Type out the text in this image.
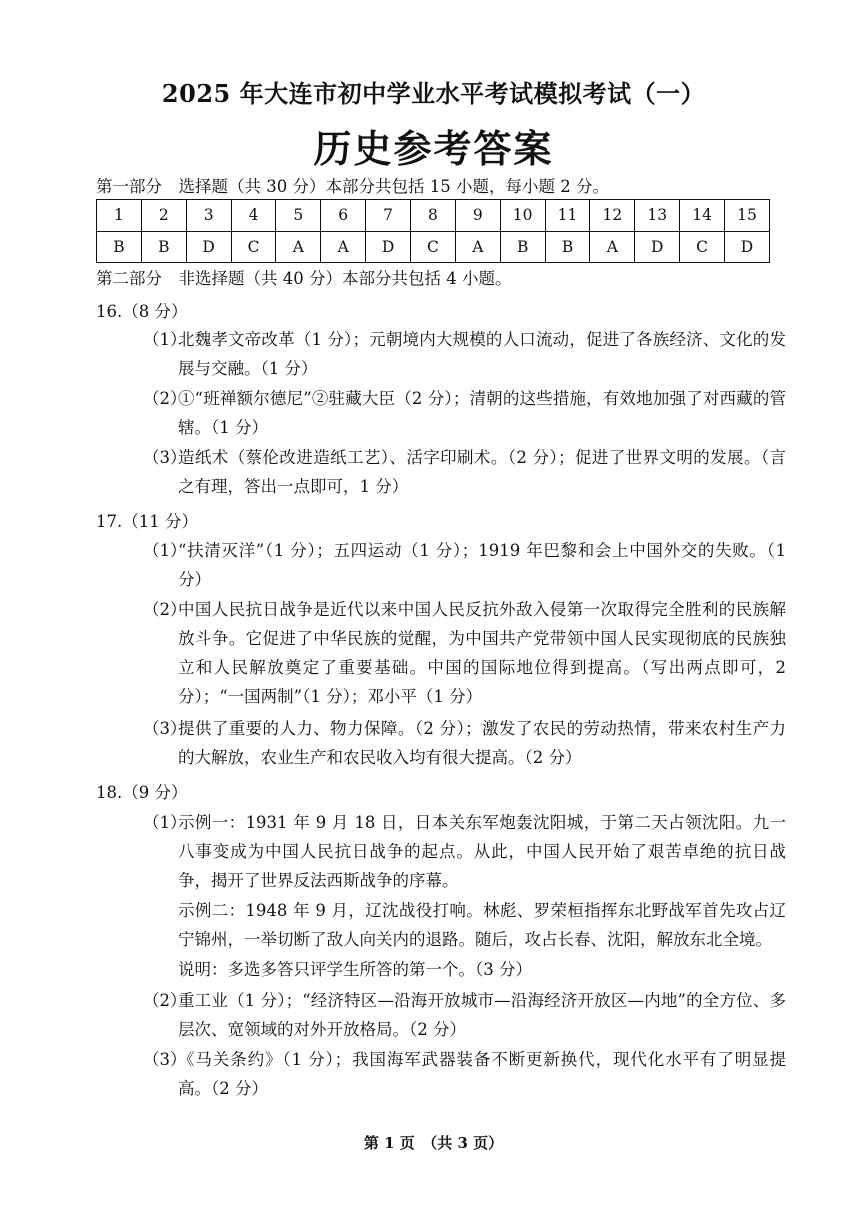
2025 年大连市初中学业水平考试模拟考试（一）
历史参考答案
第一部分　选择题（共 30 分）本部分共包括 15 小题，每小题 2 分。
1	2	3	4	5	6	7	8	9	10	11	12	13	14	15
B	B	D	C	A	A	D	C	A	B	B	A	D	C	D
第二部分　非选择题（共 40 分）本部分共包括 4 小题。
16.（8 分）
（1）
北魏孝文帝改革（1 分）；元朝境内大规模的人口流动，促进了各族经济、文化的发展与交融。（1 分）
（2）
①“班禅额尔德尼”②驻藏大臣（2 分）；清朝的这些措施，有效地加强了对西藏的管辖。（1 分）
（3）
造纸术（蔡伦改进造纸工艺）、活字印刷术。（2 分）；促进了世界文明的发展。（言之有理，答出一点即可，1 分）
17.（11 分）
（1）
“扶清灭洋”（1 分）；五四运动（1 分）；1919 年巴黎和会上中国外交的失败。（1 分）
（2）
中国人民抗日战争是近代以来中国人民反抗外敌入侵第一次取得完全胜利的民族解放斗争。它促进了中华民族的觉醒，为中国共产党带领中国人民实现彻底的民族独立和人民解放奠定了重要基础。中国的国际地位得到提高。（写出两点即可，2 分）；“一国两制”（1 分）；邓小平（1 分）
（3）
提供了重要的人力、物力保障。（2 分）；激发了农民的劳动热情，带来农村生产力的大解放，农业生产和农民收入均有很大提高。（2 分）
18.（9 分）
（1）
示例一：1931 年 9 月 18 日，日本关东军炮轰沈阳城，于第二天占领沈阳。九一八事变成为中国人民抗日战争的起点。从此，中国人民开始了艰苦卓绝的抗日战争，揭开了世界反法西斯战争的序幕。
示例二：1948 年 9 月，辽沈战役打响。林彪、罗荣桓指挥东北野战军首先攻占辽宁锦州，一举切断了敌人向关内的退路。随后，攻占长春、沈阳，解放东北全境。
说明：多选多答只评学生所答的第一个。（3 分）
（2）
重工业（1 分）；“经济特区—沿海开放城市—沿海经济开放区—内地”的全方位、多层次、宽领域的对外开放格局。（2 分）
（3）
《马关条约》（1 分）；我国海军武器装备不断更新换代，现代化水平有了明显提高。（2 分）
第 1 页　（共 3 页）
